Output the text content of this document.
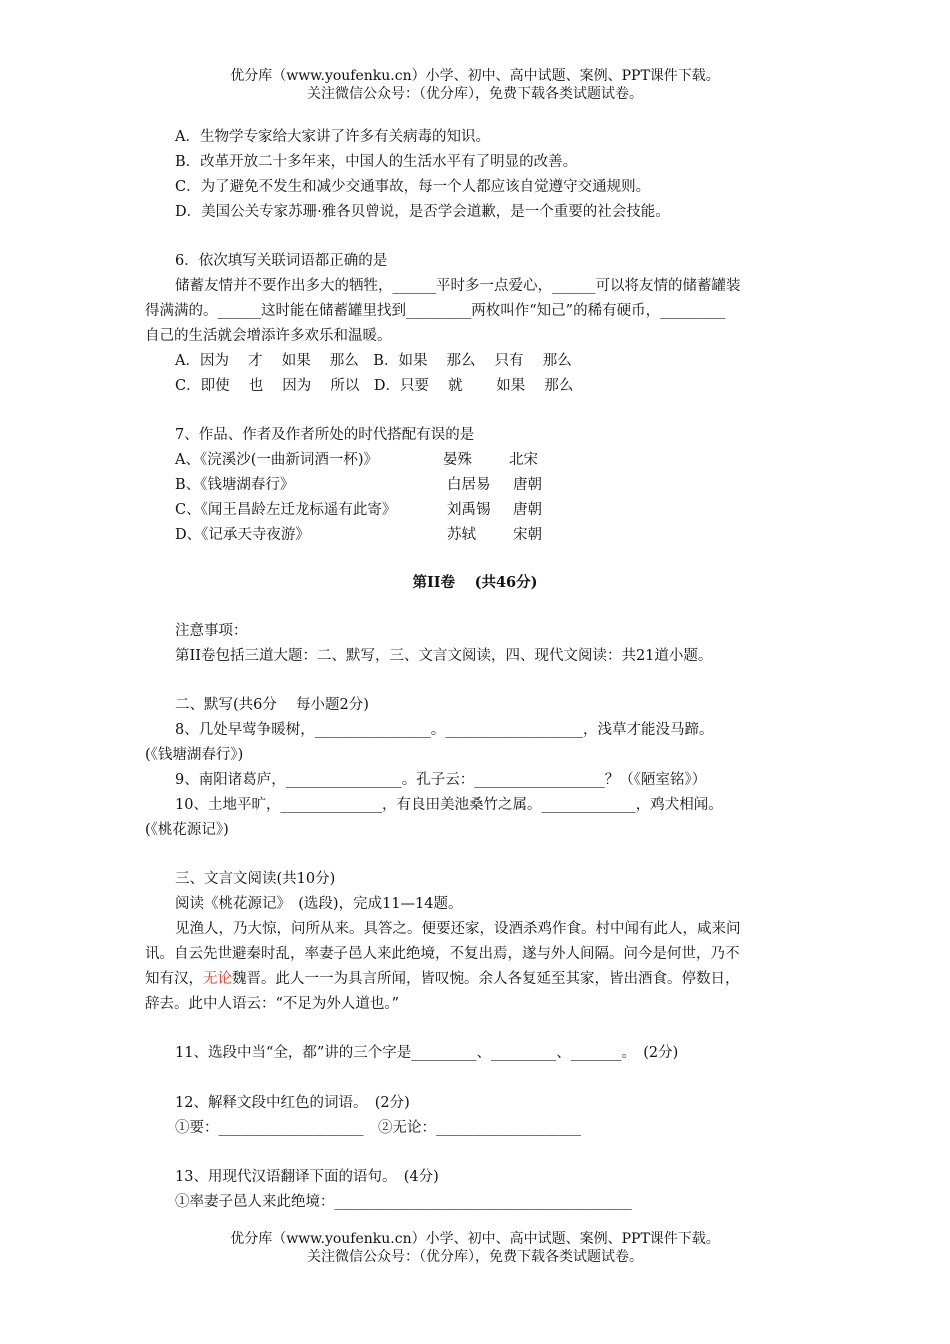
优分库（www.youfenku.cn）小学、初中、高中试题、案例、PPT课件下载。
关注微信公众号：（优分库），免费下载各类试题试卷。
A．生物学专家给大家讲了许多有关病毒的知识。
B．改革开放二十多年来，中国人的生活水平有了明显的改善。
C．为了避免不发生和减少交通事故，每一个人都应该自觉遵守交通规则。
D．美国公关专家苏珊·雅各贝曾说，是否学会道歉，是一个重要的社会技能。
6．依次填写关联词语都正确的是
储蓄友情并不要作出多大的牺牲，______平时多一点爱心，______可以将友情的储蓄罐装
得满满的。______这时能在储蓄罐里找到_________两枚叫作“知己”的稀有硬币，_________
自己的生活就会增添许多欢乐和温暖。
A．因为　 才　 如果　 那么　B．如果　 那么　 只有　 那么
C．即使　 也　 因为　 所以　D．只要　 就　　 如果　 那么
7、作品、作者及作者所处的时代搭配有误的是
A、《浣溪沙(一曲新词酒一杯)》	晏殊	北宋
B、《钱塘湖春行》	白居易 唐朝
C、《闻王昌龄左迁龙标遥有此寄》	刘禹锡 唐朝
D、《记承天寺夜游》	苏轼	宋朝
第II卷　 (共46分)
注意事项：
第II卷包括三道大题：二、默写，三、文言文阅读，四、现代文阅读：共21道小题。
二、默写(共6分　 每小题2分)
8、几处早莺争暖树，________________。___________________，浅草才能没马蹄。
(《钱塘湖春行》)
9、南阳诸葛庐，________________。孔子云：__________________？（《陋室铭》）
10、土地平旷，______________，有良田美池桑竹之属。_____________，鸡犬相闻。
(《桃花源记》)
三、文言文阅读(共10分)
阅读《桃花源记》　(选段)，完成11—14题。
见渔人，乃大惊，问所从来。具答之。便要还家，设酒杀鸡作食。村中闻有此人，咸来问
讯。自云先世避秦时乱，率妻子邑人来此绝境，不复出焉，遂与外人间隔。问今是何世，乃不
知有汉，无论魏晋。此人一一为具言所闻，皆叹惋。余人各复延至其家，皆出酒食。停数日，
辞去。此中人语云：“不足为外人道也。”
11、选段中当“全，都”讲的三个字是_________、_________、_______。　(2分)
12、解释文段中红色的词语。　(2分)
①要：____________________　②无论：____________________
13、用现代汉语翻译下面的语句。　(4分)
①率妻子邑人来此绝境：_________________________________________
优分库（www.youfenku.cn）小学、初中、高中试题、案例、PPT课件下载。
关注微信公众号：（优分库），免费下载各类试题试卷。
